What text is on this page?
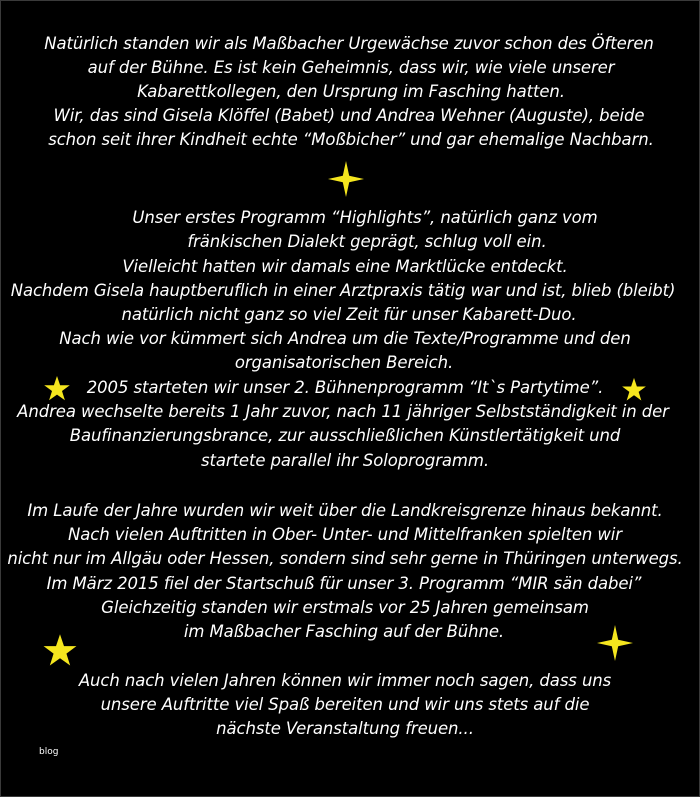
Natürlich standen wir als Maßbacher Urgewächse zuvor schon des Öfteren
auf der Bühne. Es ist kein Geheimnis, dass wir, wie viele unserer
Kabarettkollegen, den Ursprung im Fasching hatten.
Wir, das sind Gisela Klöffel (Babet) und Andrea Wehner (Auguste), beide
schon seit ihrer Kindheit echte “Moßbicher” und gar ehemalige Nachbarn.
Unser erstes Programm “Highlights”, natürlich ganz vom
fränkischen Dialekt geprägt, schlug voll ein.
Vielleicht hatten wir damals eine Marktlücke entdeckt.
Nachdem Gisela hauptberuflich in einer Arztpraxis tätig war und ist, blieb (bleibt)
natürlich nicht ganz so viel Zeit für unser Kabarett-Duo.
Nach wie vor kümmert sich Andrea um die Texte/Programme und den
organisatorischen Bereich.
2005 starteten wir unser 2. Bühnenprogramm “It`s Partytime”.
Andrea wechselte bereits 1 Jahr zuvor, nach 11 jähriger Selbstständigkeit in der
Baufinanzierungsbrance, zur ausschließlichen Künstlertätigkeit und
startete parallel ihr Soloprogramm.
Im Laufe der Jahre wurden wir weit über die Landkreisgrenze hinaus bekannt.
Nach vielen Auftritten in Ober- Unter- und Mittelfranken spielten wir
nicht nur im Allgäu oder Hessen, sondern sind sehr gerne in Thüringen unterwegs.
Im März 2015 fiel der Startschuß für unser 3. Programm “MIR sän dabei”
Gleichzeitig standen wir erstmals vor 25 Jahren gemeinsam
im Maßbacher Fasching auf der Bühne.
Auch nach vielen Jahren können wir immer noch sagen, dass uns
unsere Auftritte viel Spaß bereiten und wir uns stets auf die
nächste Veranstaltung freuen...
blog
